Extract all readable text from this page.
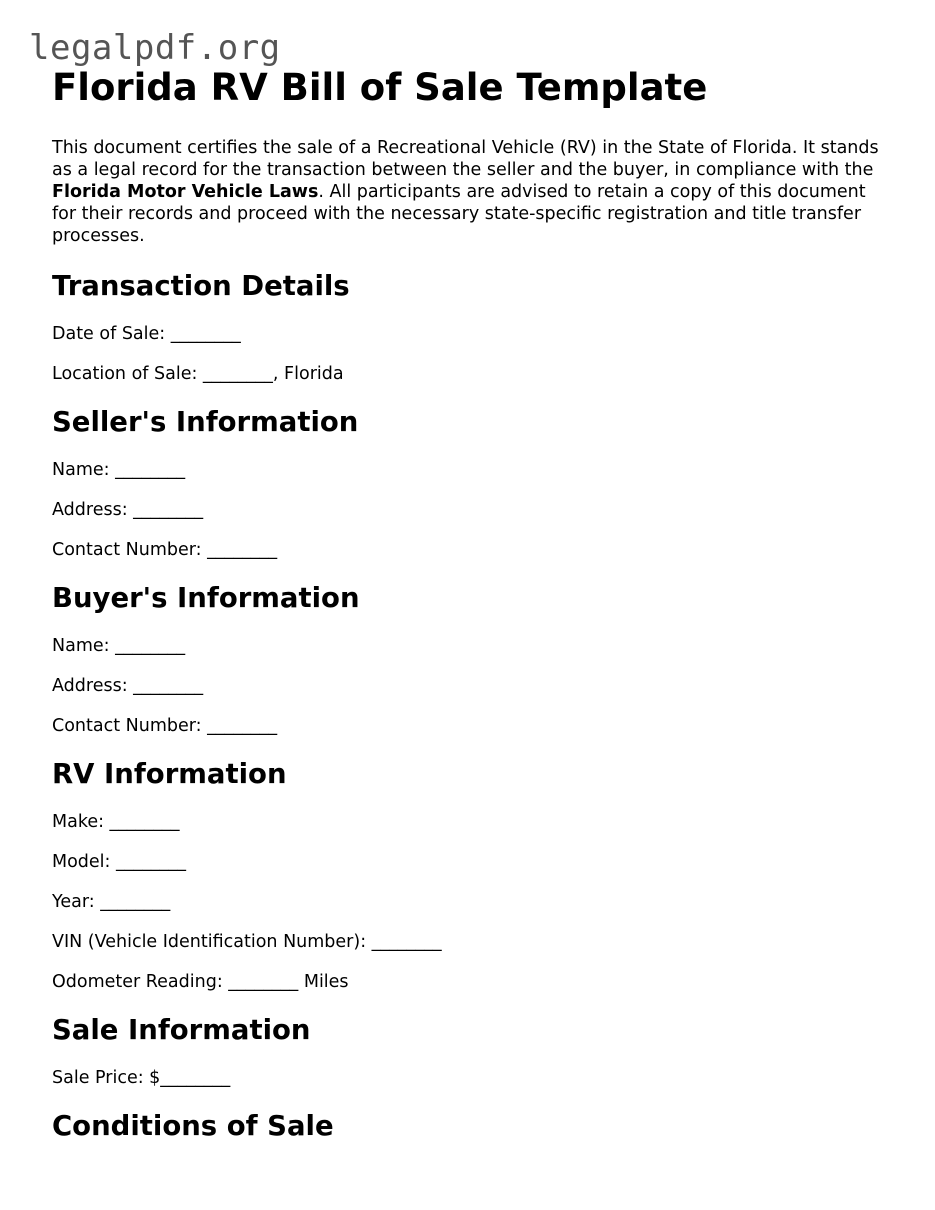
legalpdf.org
Florida RV Bill of Sale Template

This document certifies the sale of a Recreational Vehicle (RV) in the State of Florida. It stands as a legal record for the transaction between the seller and the buyer, in compliance with the Florida Motor Vehicle Laws. All participants are advised to retain a copy of this document for their records and proceed with the necessary state-specific registration and title transfer processes.

Transaction Details
Date of Sale: ________
Location of Sale: ________, Florida
Seller's Information
Name: ________
Address: ________
Contact Number: ________
Buyer's Information
Name: ________
Address: ________
Contact Number: ________
RV Information
Make: ________
Model: ________
Year: ________
VIN (Vehicle Identification Number): ________
Odometer Reading: ________ Miles
Sale Information
Sale Price: $________
Conditions of Sale
